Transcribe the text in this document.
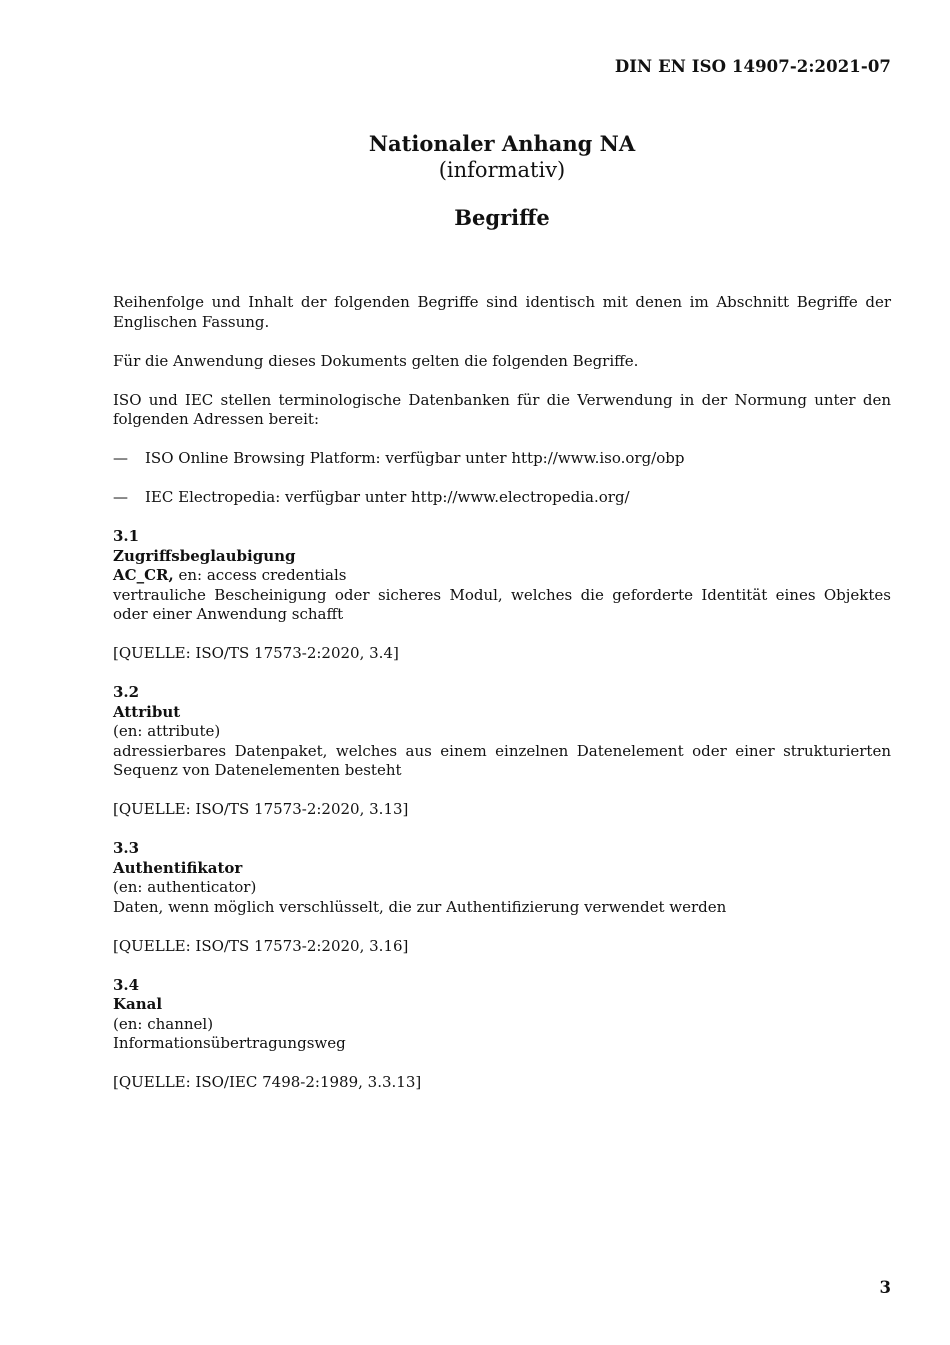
DIN EN ISO 14907-2:2021-07
Nationaler Anhang NA
(informativ)
Begriffe

Reihenfolge und Inhalt der folgenden Begriffe sind identisch mit denen im Abschnitt Begriffe der Englischen Fassung.

Für die Anwendung dieses Dokuments gelten die folgenden Begriffe.

ISO und IEC stellen terminologische Datenbanken für die Verwendung in der Normung unter den folgenden Adressen bereit:

—	ISO Online Browsing Platform: verfügbar unter http://www.iso.org/obp
—	IEC Electropedia: verfügbar unter http://www.electropedia.org/
3.1
Zugriffsbeglaubigung
AC_CR, en: access credentials
vertrauliche Bescheinigung oder sicheres Modul, welches die geforderte Identität eines Objektes oder einer Anwendung schafft

[QUELLE: ISO/TS 17573-2:2020, 3.4]

3.2
Attribut
(en: attribute)
adressierbares Datenpaket, welches aus einem einzelnen Datenelement oder einer strukturierten Sequenz von Datenelementen besteht

[QUELLE: ISO/TS 17573-2:2020, 3.13]

3.3
Authentifikator
(en: authenticator)
Daten, wenn möglich verschlüsselt, die zur Authentifizierung verwendet werden

[QUELLE: ISO/TS 17573-2:2020, 3.16]

3.4
Kanal
(en: channel)
Informationsübertragungsweg

[QUELLE: ISO/IEC 7498-2:1989, 3.3.13]

3
